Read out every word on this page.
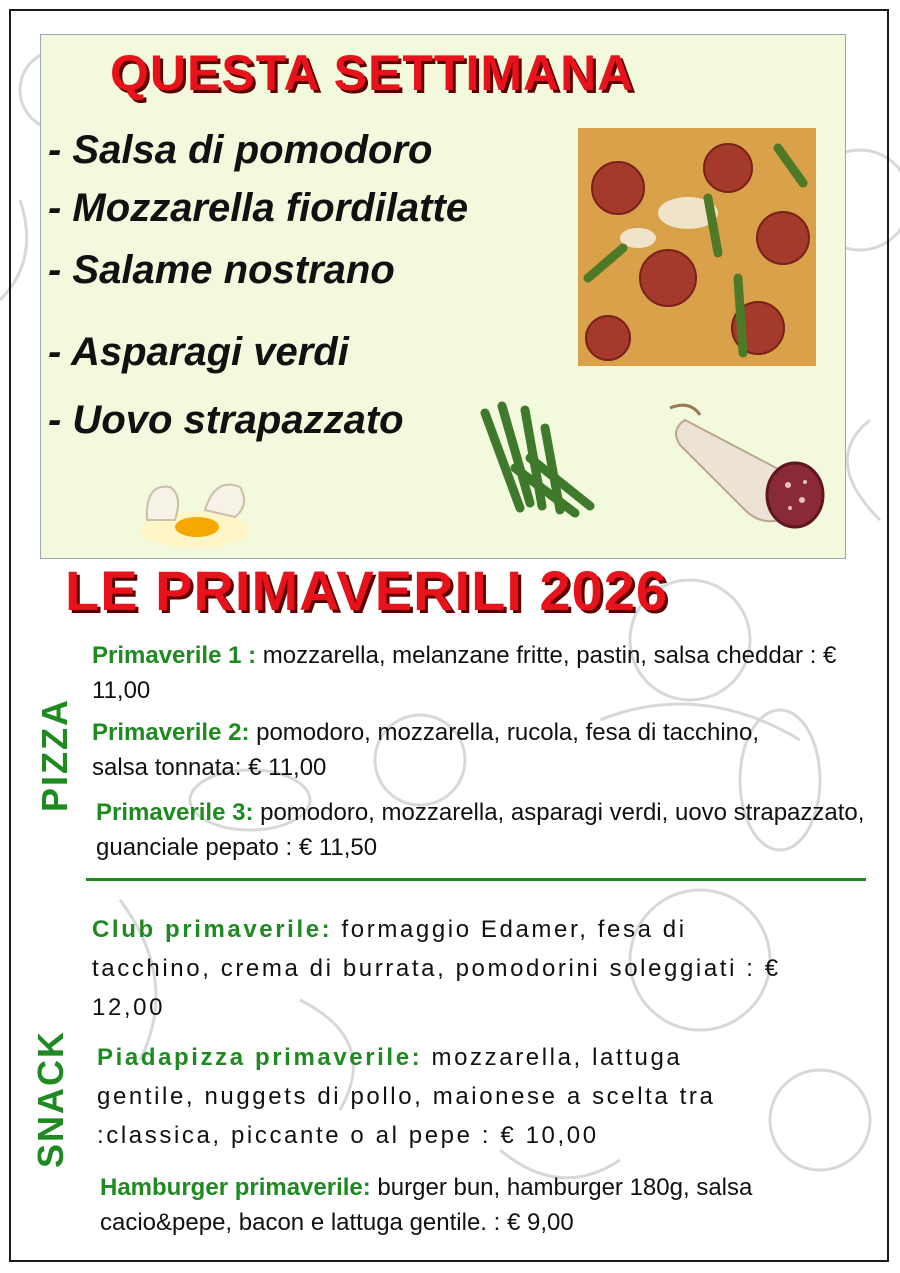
QUESTA SETTIMANA

- Salsa di pomodoro

- Mozzarella fiordilatte

- Salame nostrano

- Asparagi verdi

- Uovo strapazzato

LE PRIMAVERILI 2026
PIZZA
SNACK

Primaverile 1 : mozzarella, melanzane fritte, pastin, salsa cheddar : € 11,00

Primaverile 2: pomodoro, mozzarella, rucola, fesa di tacchino, salsa tonnata: € 11,00

Primaverile 3: pomodoro, mozzarella, asparagi verdi, uovo strapazzato, guanciale pepato : € 11,50

Club primaverile: formaggio Edamer, fesa di tacchino, crema di burrata, pomodorini soleggiati : € 12,00

Piadapizza primaverile: mozzarella, lattuga gentile, nuggets di pollo, maionese a scelta tra :classica, piccante o al pepe : € 10,00

Hamburger primaverile: burger bun, hamburger 180g, salsa cacio&pepe, bacon e lattuga gentile. : € 9,00
